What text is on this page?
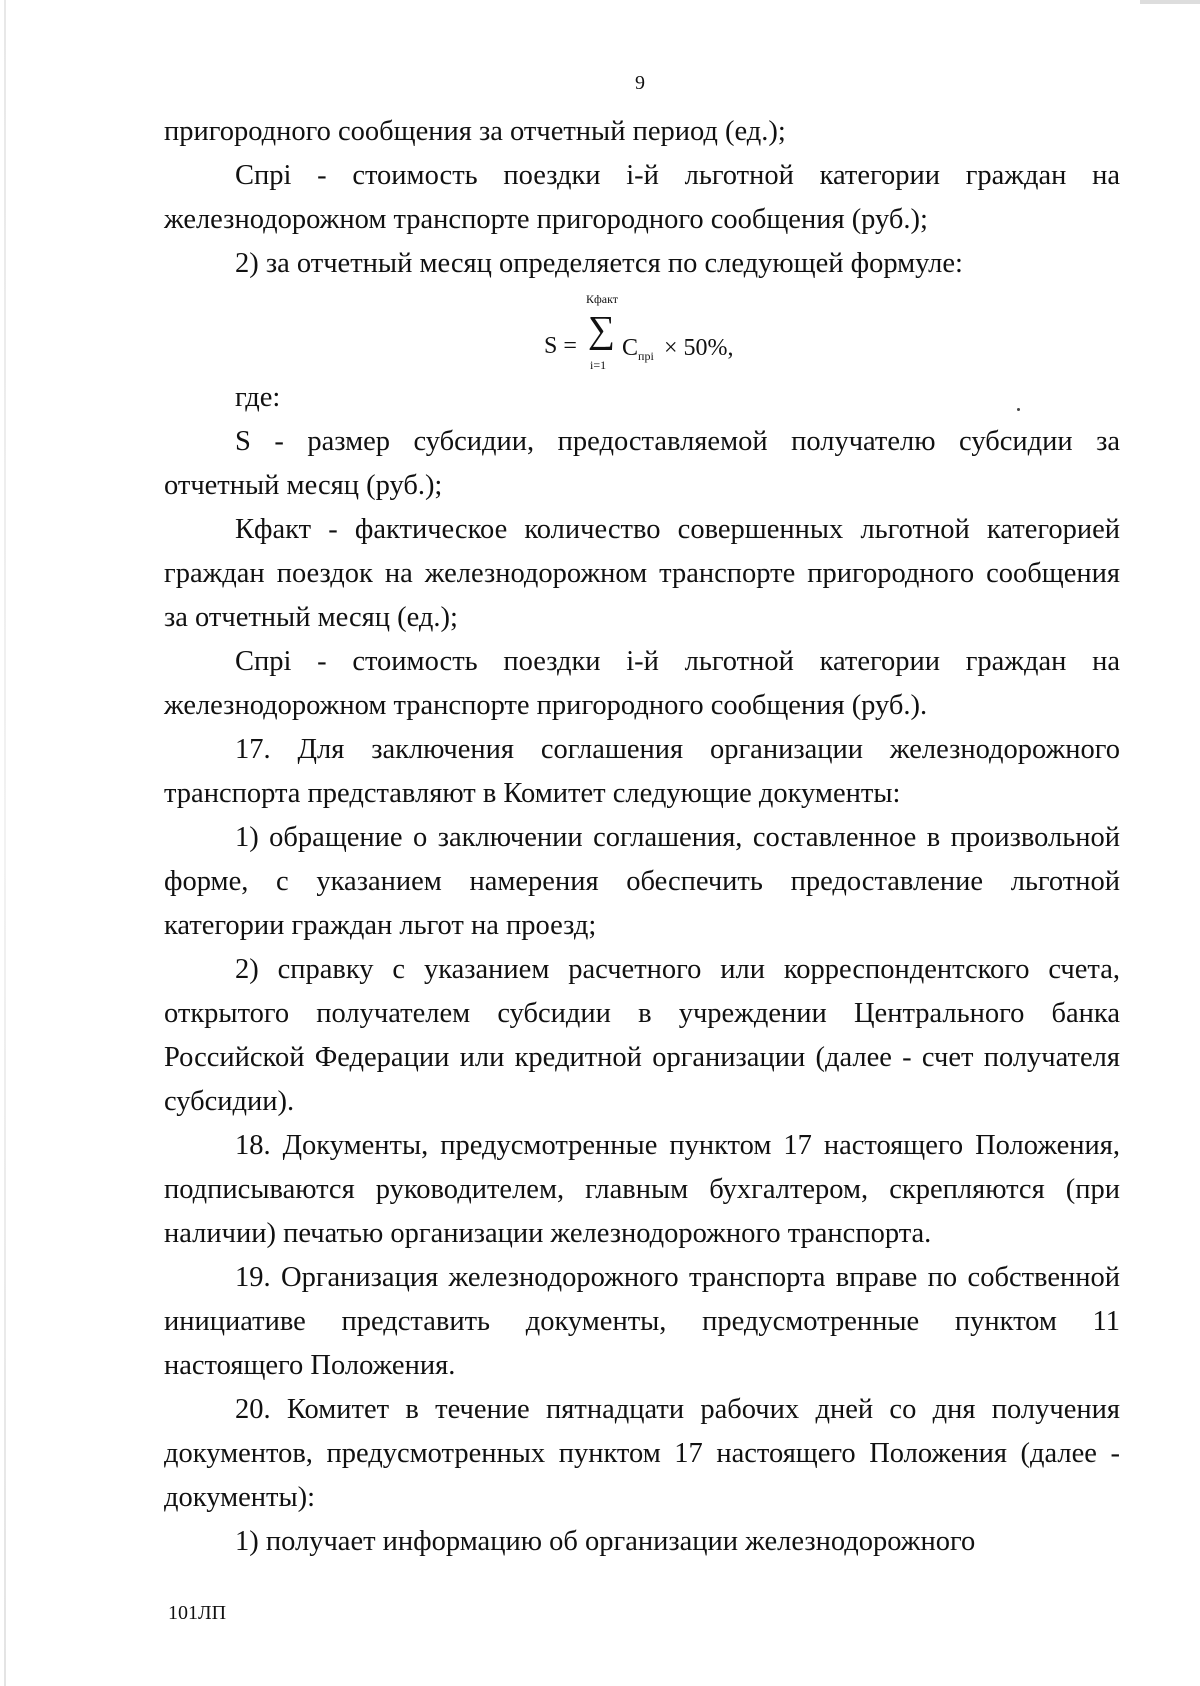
9

пригородного сообщения за отчетный период (ед.);

Спрi - стоимость поездки i-й льготной категории граждан на железнодорожном транспорте пригородного сообщения (руб.);

2) за отчетный месяц определяется по следующей формуле:

S =
Кфакт
∑
i=1
$C_{прi} \times 50\%$,

где:

S - размер субсидии, предоставляемой получателю субсидии за отчетный месяц (руб.);

Кфакт - фактическое количество совершенных льготной категорией граждан поездок на железнодорожном транспорте пригородного сообщения за отчетный месяц (ед.);

Спрi - стоимость поездки i-й льготной категории граждан на железнодорожном транспорте пригородного сообщения (руб.).

17. Для заключения соглашения организации железнодорожного транспорта представляют в Комитет следующие документы:

1) обращение о заключении соглашения, составленное в произвольной форме, с указанием намерения обеспечить предоставление льготной категории граждан льгот на проезд;

2) справку с указанием расчетного или корреспондентского счета, открытого получателем субсидии в учреждении Центрального банка Российской Федерации или кредитной организации (далее - счет получателя субсидии).

18. Документы, предусмотренные пунктом 17 настоящего Положения, подписываются руководителем, главным бухгалтером, скрепляются (при наличии) печатью организации железнодорожного транспорта.

19. Организация железнодорожного транспорта вправе по собственной инициативе представить документы, предусмотренные пунктом 11 настоящего Положения.

20. Комитет в течение пятнадцати рабочих дней со дня получения документов, предусмотренных пунктом 17 настоящего Положения (далее - документы):

1) получает информацию об организации железнодорожного

101ЛП
